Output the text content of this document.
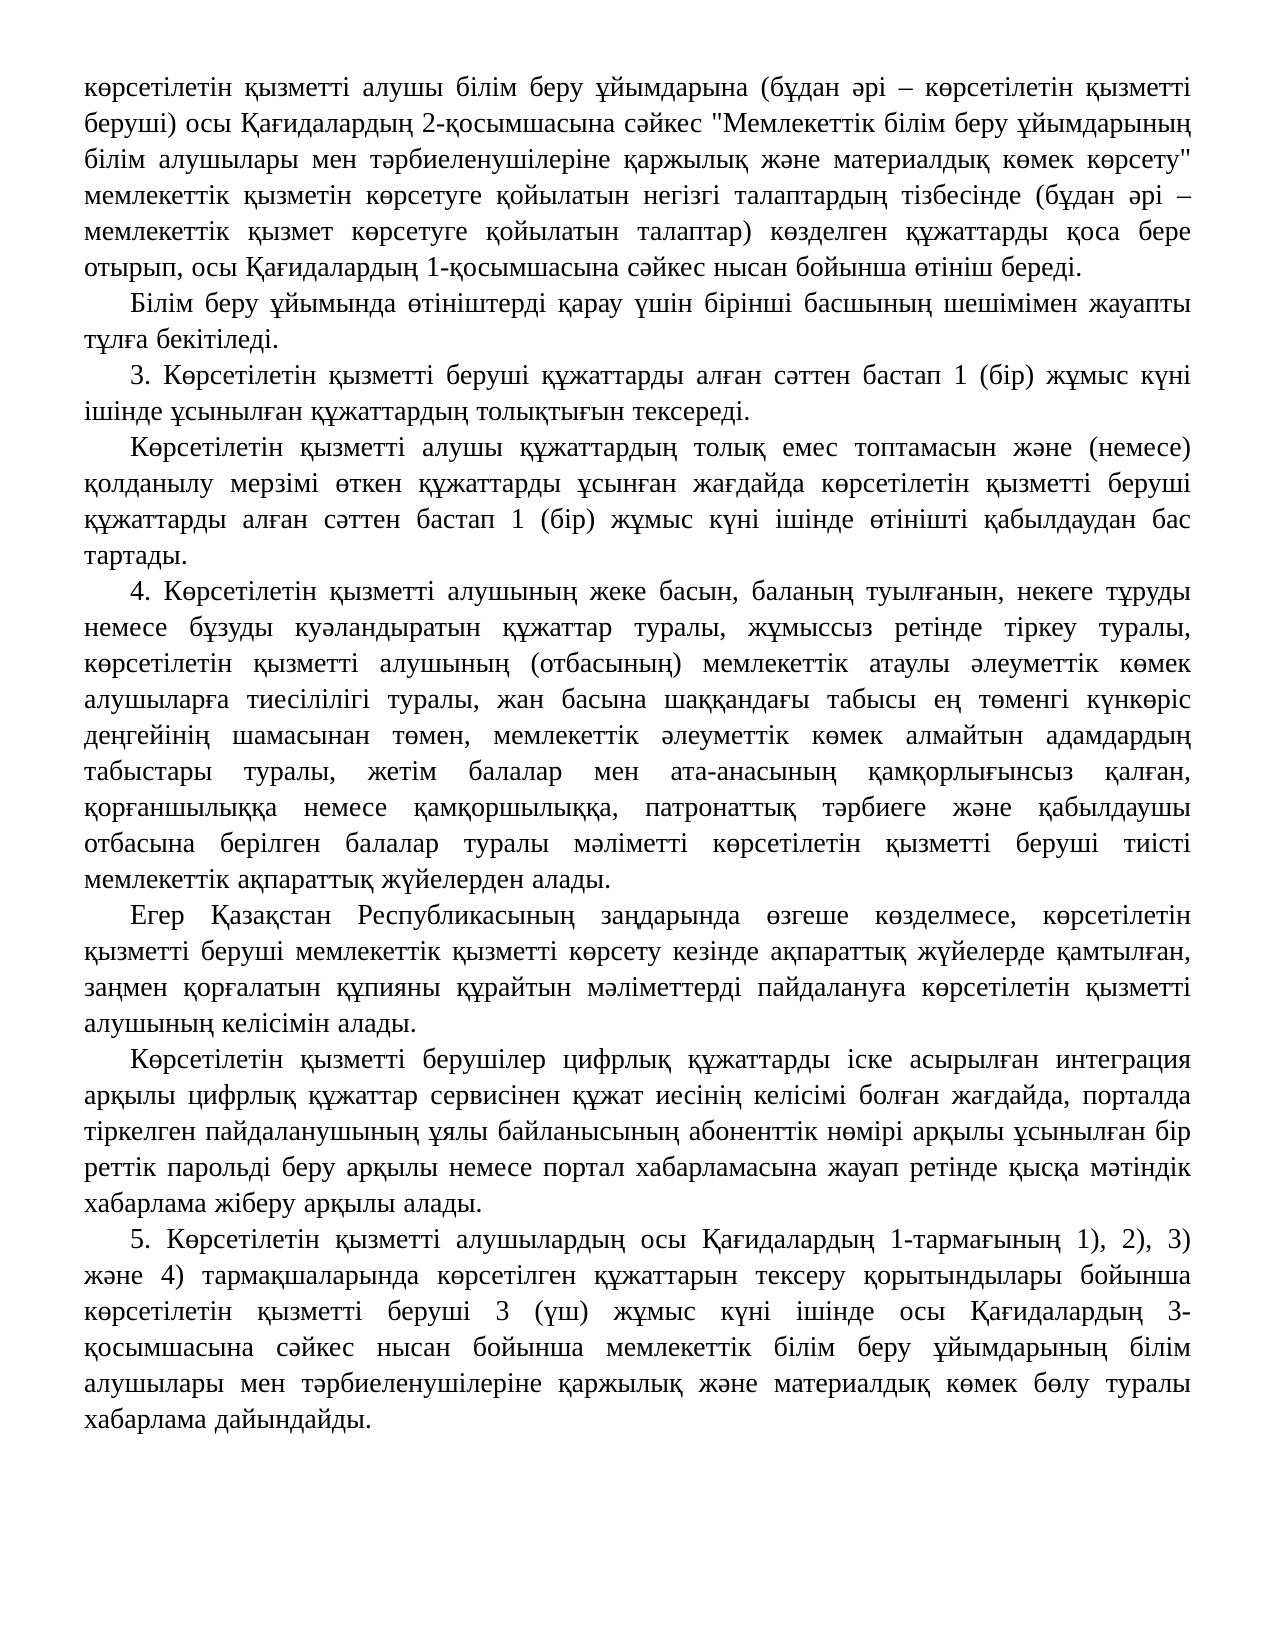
көрсетілетін қызметті алушы білім беру ұйымдарына (бұдан әрі – көрсетілетін қызметті беруші) осы Қағидалардың 2-қосымшасына сәйкес "Мемлекеттік білім беру ұйымдарының білім алушылары мен тәрбиеленушілеріне қаржылық және материалдық көмек көрсету" мемлекеттік қызметін көрсетуге қойылатын негізгі талаптардың тізбесінде (бұдан әрі – мемлекеттік қызмет көрсетуге қойылатын талаптар) көзделген құжаттарды қоса бере отырып, осы Қағидалардың 1-қосымшасына сәйкес нысан бойынша өтініш береді.

Білім беру ұйымында өтініштерді қарау үшін бірінші басшының шешімімен жауапты тұлға бекітіледі.

3. Көрсетілетін қызметті беруші құжаттарды алған сәттен бастап 1 (бір) жұмыс күні ішінде ұсынылған құжаттардың толықтығын тексереді.

Көрсетілетін қызметті алушы құжаттардың толық емес топтамасын және (немесе) қолданылу мерзімі өткен құжаттарды ұсынған жағдайда көрсетілетін қызметті беруші құжаттарды алған сәттен бастап 1 (бір) жұмыс күні ішінде өтінішті қабылдаудан бас тартады.

4. Көрсетілетін қызметті алушының жеке басын, баланың туылғанын, некеге тұруды немесе бұзуды куәландыратын құжаттар туралы, жұмыссыз ретінде тіркеу туралы, көрсетілетін қызметті алушының (отбасының) мемлекеттік атаулы әлеуметтік көмек алушыларға тиесілілігі туралы, жан басына шаққандағы табысы ең төменгі күнкөріс деңгейінің шамасынан төмен, мемлекеттік әлеуметтік көмек алмайтын адамдардың табыстары туралы, жетім балалар мен ата-анасының қамқорлығынсыз қалған, қорғаншылыққа немесе қамқоршылыққа, патронаттық тәрбиеге және қабылдаушы отбасына берілген балалар туралы мәліметті көрсетілетін қызметті беруші тиісті мемлекеттік ақпараттық жүйелерден алады.

Егер Қазақстан Республикасының заңдарында өзгеше көзделмесе, көрсетілетін қызметті беруші мемлекеттік қызметті көрсету кезінде ақпараттық жүйелерде қамтылған, заңмен қорғалатын құпияны құрайтын мәліметтерді пайдалануға көрсетілетін қызметті алушының келісімін алады.

Көрсетілетін қызметті берушілер цифрлық құжаттарды іске асырылған интеграция арқылы цифрлық құжаттар сервисінен құжат иесінің келісімі болған жағдайда, порталда тіркелген пайдаланушының ұялы байланысының абоненттік нөмірі арқылы ұсынылған бір реттік парольді беру арқылы немесе портал хабарламасына жауап ретінде қысқа мәтіндік хабарлама жіберу арқылы алады.

5. Көрсетілетін қызметті алушылардың осы Қағидалардың 1-тармағының 1), 2), 3) және 4) тармақшаларында көрсетілген құжаттарын тексеру қорытындылары бойынша көрсетілетін қызметті беруші 3 (үш) жұмыс күні ішінде осы Қағидалардың 3-қосымшасына сәйкес нысан бойынша мемлекеттік білім беру ұйымдарының білім алушылары мен тәрбиеленушілеріне қаржылық және материалдық көмек бөлу туралы хабарлама дайындайды.
